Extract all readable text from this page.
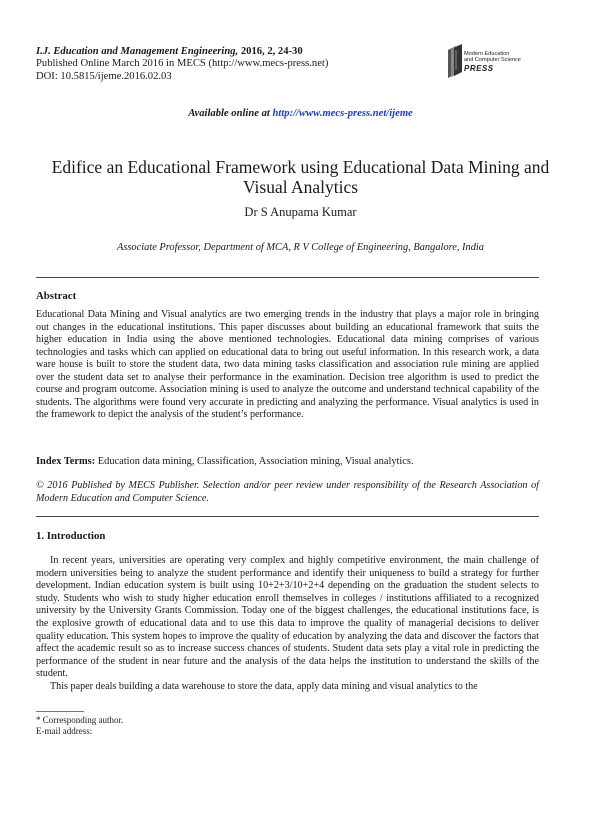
I.J. Education and Management Engineering, 2016, 2, 24-30
Published Online March 2016 in MECS (http://www.mecs-press.net)
DOI: 10.5815/ijeme.2016.02.03
Modern Education
and Computer Science
PRESS
Available online at http://www.mecs-press.net/ijeme
Edifice an Educational Framework using Educational Data Mining and Visual Analytics
Dr S Anupama Kumar
Associate Professor, Department of MCA, R V College of Engineering, Bangalore, India
Abstract
Educational Data Mining and Visual analytics are two emerging trends in the industry that plays a major role in bringing out changes in the educational institutions. This paper discusses about building an educational framework that suits the higher education in India using the above mentioned technologies. Educational data mining comprises of various technologies and tasks which can applied on educational data to bring out useful information. In this research work, a data ware house is built to store the student data, two data mining tasks classification and association rule mining are applied over the student data set to analyse their performance in the examination. Decision tree algorithm is used to predict the course and program outcome. Association mining is used to analyze the outcome and understand technical capability of the students. The algorithms were found very accurate in predicting and analyzing the performance. Visual analytics is used in the framework to depict the analysis of the student’s performance.
Index Terms: Education data mining, Classification, Association mining, Visual analytics.
© 2016 Published by MECS Publisher. Selection and/or peer review under responsibility of the Research Association of Modern Education and Computer Science.
1. Introduction

In recent years, universities are operating very complex and highly competitive environment, the main challenge of modern universities being to analyze the student performance and identify their uniqueness to build a strategy for further development. Indian education system is built using 10+2+3/10+2+4 depending on the graduation the student selects to study. Students who wish to study higher education enroll themselves in colleges / institutions affiliated to a recognized university by the University Grants Commission. Today one of the biggest challenges, the educational institutions face, is the explosive growth of educational data and to use this data to improve the quality of managerial decisions to deliver quality education. This system hopes to improve the quality of education by analyzing the data and discover the factors that affect the academic result so as to increase success chances of students. Student data sets play a vital role in predicting the performance of the student in near future and the analysis of the data helps the institution to understand the skills of the student.

This paper deals building a data warehouse to store the data, apply data mining and visual analytics to the

* Corresponding author.
E-mail address:
